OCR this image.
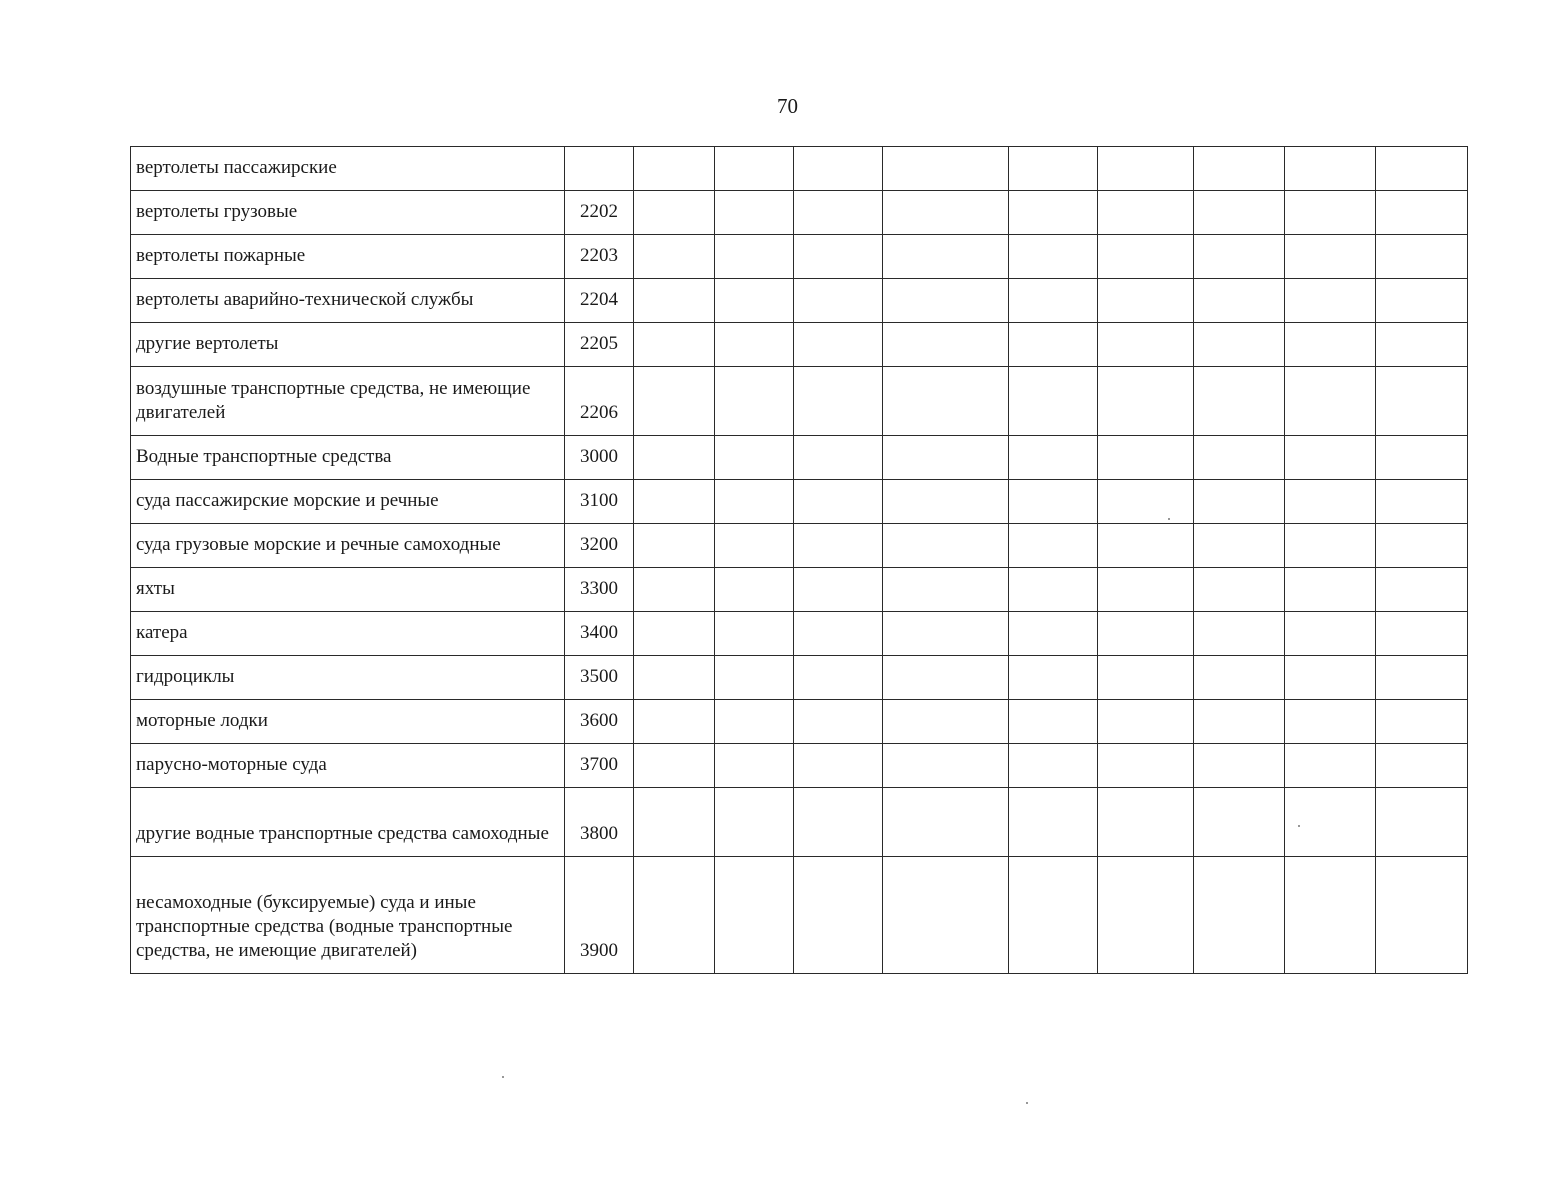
70
вертолеты пассажирские										
вертолеты грузовые	2202									
вертолеты пожарные	2203									
вертолеты аварийно-технической службы	2204									
другие вертолеты	2205									
воздушные транспортные средства, не имеющие двигателей	2206									
Водные транспортные средства	3000									
суда пассажирские морские и речные	3100									
суда грузовые морские и речные самоходные	3200									
яхты	3300									
катера	3400									
гидроциклы	3500									
моторные лодки	3600									
парусно-моторные суда	3700									
другие водные транспортные средства самоходные	3800									
несамоходные (буксируемые) суда и иные транспортные средства (водные транспортные средства, не имеющие двигателей)	3900									
